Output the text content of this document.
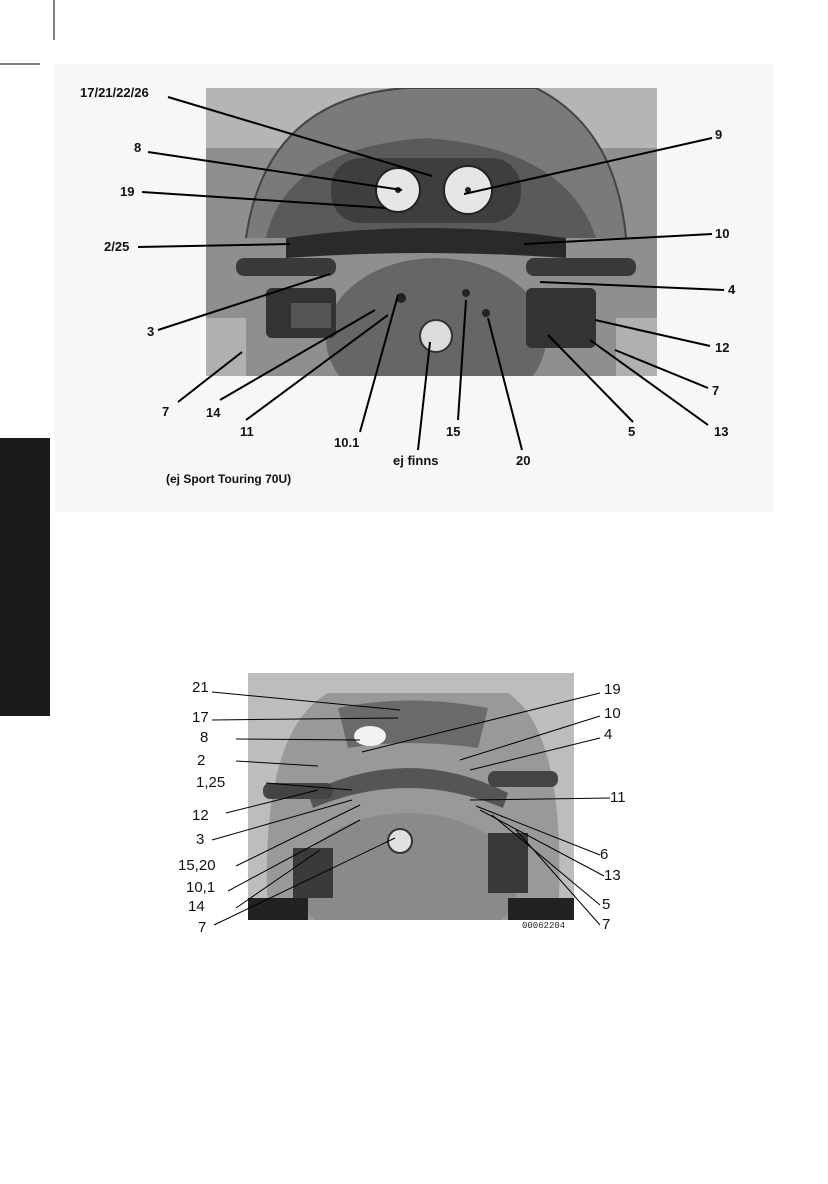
17/21/22/26
8
19
2/25
3
7	14
11
10.1
ej finns
15
20
5	13
7
12
4
10
9
(ej Sport Touring 70U)
21
17
8
2
1,25
12
3
15,20
10,1
14
7
19
10
4
11
6
13
5
7
00062204
